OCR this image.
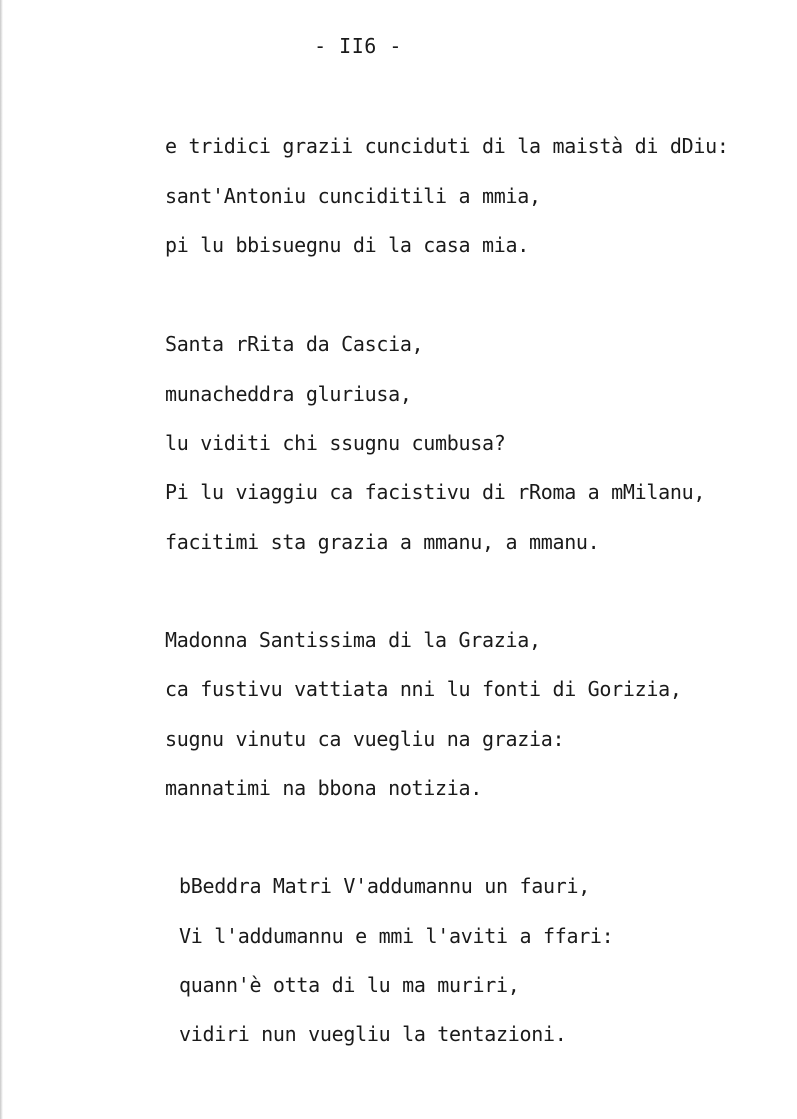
- II6 -
e tridici grazii cunciduti di la maistà di dDiu:
sant'Antoniu cunciditili a mmia,
pi lu bbisuegnu di la casa mia.
Santa rRita da Cascia,
munacheddra gluriusa,
lu viditi chi ssugnu cumbusa?
Pi lu viaggiu ca facistivu di rRoma a mMilanu,
facitimi sta grazia a mmanu, a mmanu.
Madonna Santissima di la Grazia,
ca fustivu vattiata nni lu fonti di Gorizia,
sugnu vinutu ca vuegliu na grazia:
mannatimi na bbona notizia.
bBeddra Matri V'addumannu un fauri,
Vi l'addumannu e mmi l'aviti a ffari:
quann'è otta di lu ma muriri,
vidiri nun vuegliu la tentazioni.
